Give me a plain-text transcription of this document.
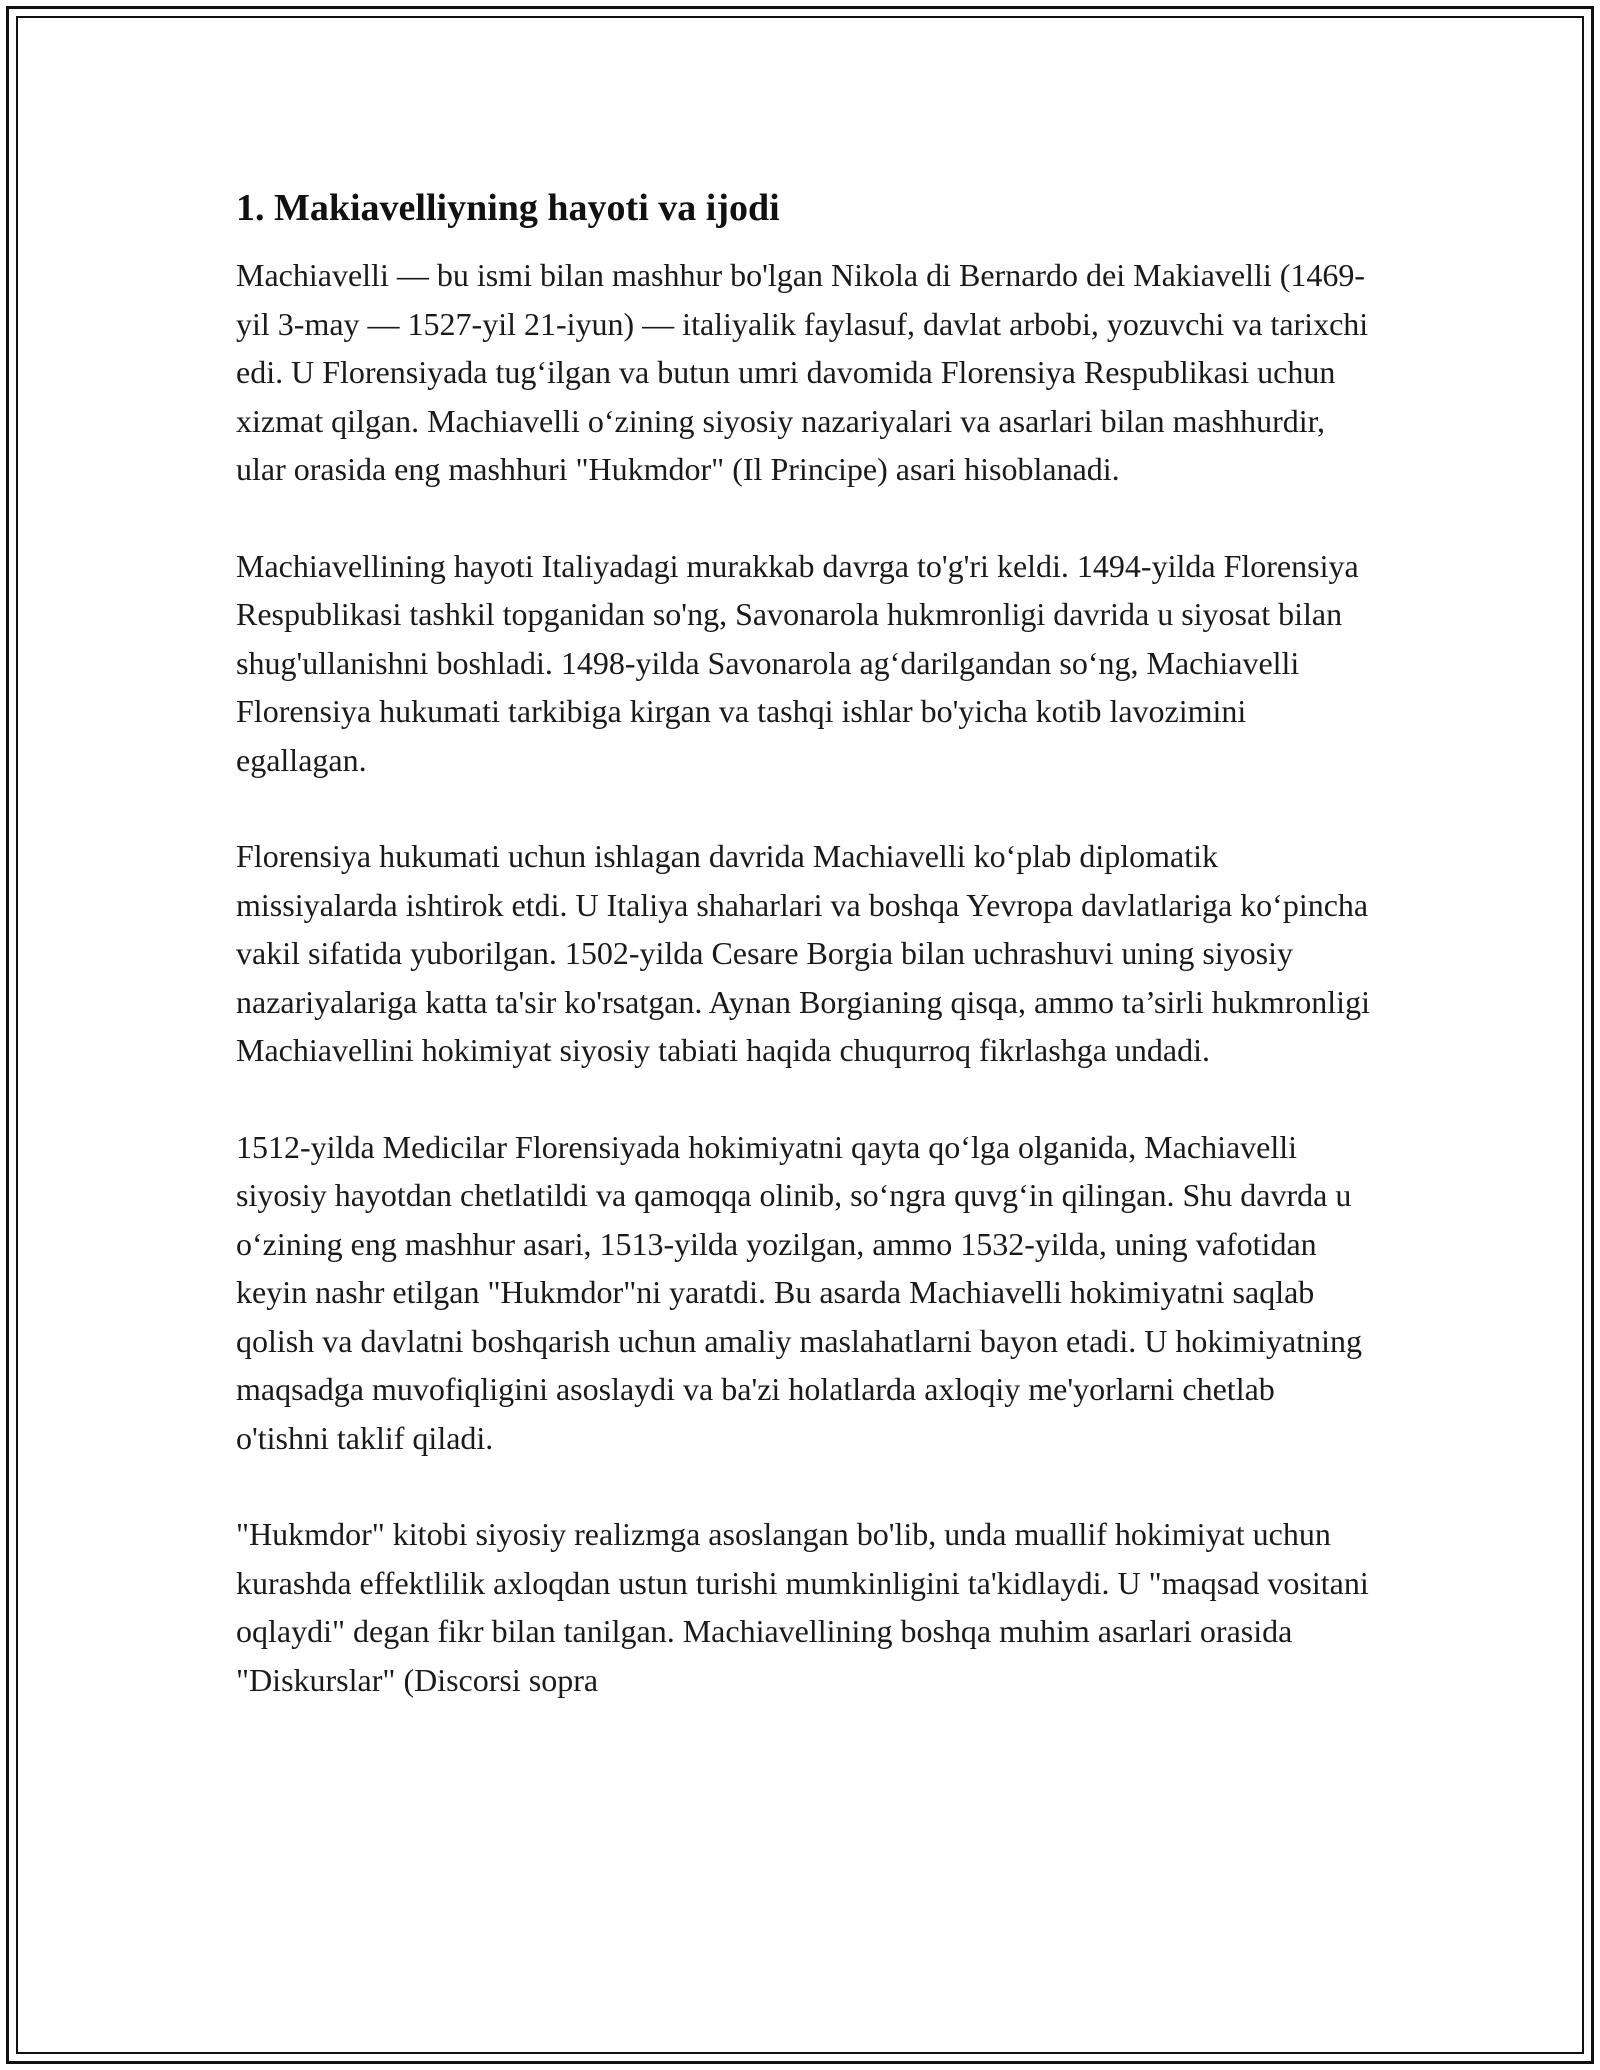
1. Makiavelliyning hayoti va ijodi

Machiavelli — bu ismi bilan mashhur bo'lgan Nikola di Bernardo dei Makiavelli (1469-yil 3-may — 1527-yil 21-iyun) — italiyalik faylasuf, davlat arbobi, yozuvchi va tarixchi edi. U Florensiyada tug‘ilgan va butun umri davomida Florensiya Respublikasi uchun xizmat qilgan. Machiavelli o‘zining siyosiy nazariyalari va asarlari bilan mashhurdir, ular orasida eng mashhuri "Hukmdor" (Il Principe) asari hisoblanadi.

Machiavellining hayoti Italiyadagi murakkab davrga to'g'ri keldi. 1494-yilda Florensiya Respublikasi tashkil topganidan so'ng, Savonarola hukmronligi davrida u siyosat bilan shug'ullanishni boshladi. 1498-yilda Savonarola ag‘darilgandan so‘ng, Machiavelli Florensiya hukumati tarkibiga kirgan va tashqi ishlar bo'yicha kotib lavozimini egallagan.

Florensiya hukumati uchun ishlagan davrida Machiavelli ko‘plab diplomatik missiyalarda ishtirok etdi. U Italiya shaharlari va boshqa Yevropa davlatlariga ko‘pincha vakil sifatida yuborilgan. 1502-yilda Cesare Borgia bilan uchrashuvi uning siyosiy nazariyalariga katta ta'sir ko'rsatgan. Aynan Borgianing qisqa, ammo ta’sirli hukmronligi Machiavellini hokimiyat siyosiy tabiati haqida chuqurroq fikrlashga undadi.

1512-yilda Medicilar Florensiyada hokimiyatni qayta qo‘lga olganida, Machiavelli siyosiy hayotdan chetlatildi va qamoqqa olinib, so‘ngra quvg‘in qilingan. Shu davrda u o‘zining eng mashhur asari, 1513-yilda yozilgan, ammo 1532-yilda, uning vafotidan keyin nashr etilgan "Hukmdor"ni yaratdi. Bu asarda Machiavelli hokimiyatni saqlab qolish va davlatni boshqarish uchun amaliy maslahatlarni bayon etadi. U hokimiyatning maqsadga muvofiqligini asoslaydi va ba'zi holatlarda axloqiy me'yorlarni chetlab o'tishni taklif qiladi.

"Hukmdor" kitobi siyosiy realizmga asoslangan bo'lib, unda muallif hokimiyat uchun kurashda effektlilik axloqdan ustun turishi mumkinligini ta'kidlaydi. U "maqsad vositani oqlaydi" degan fikr bilan tanilgan. Machiavellining boshqa muhim asarlari orasida "Diskurslar" (Discorsi sopra
